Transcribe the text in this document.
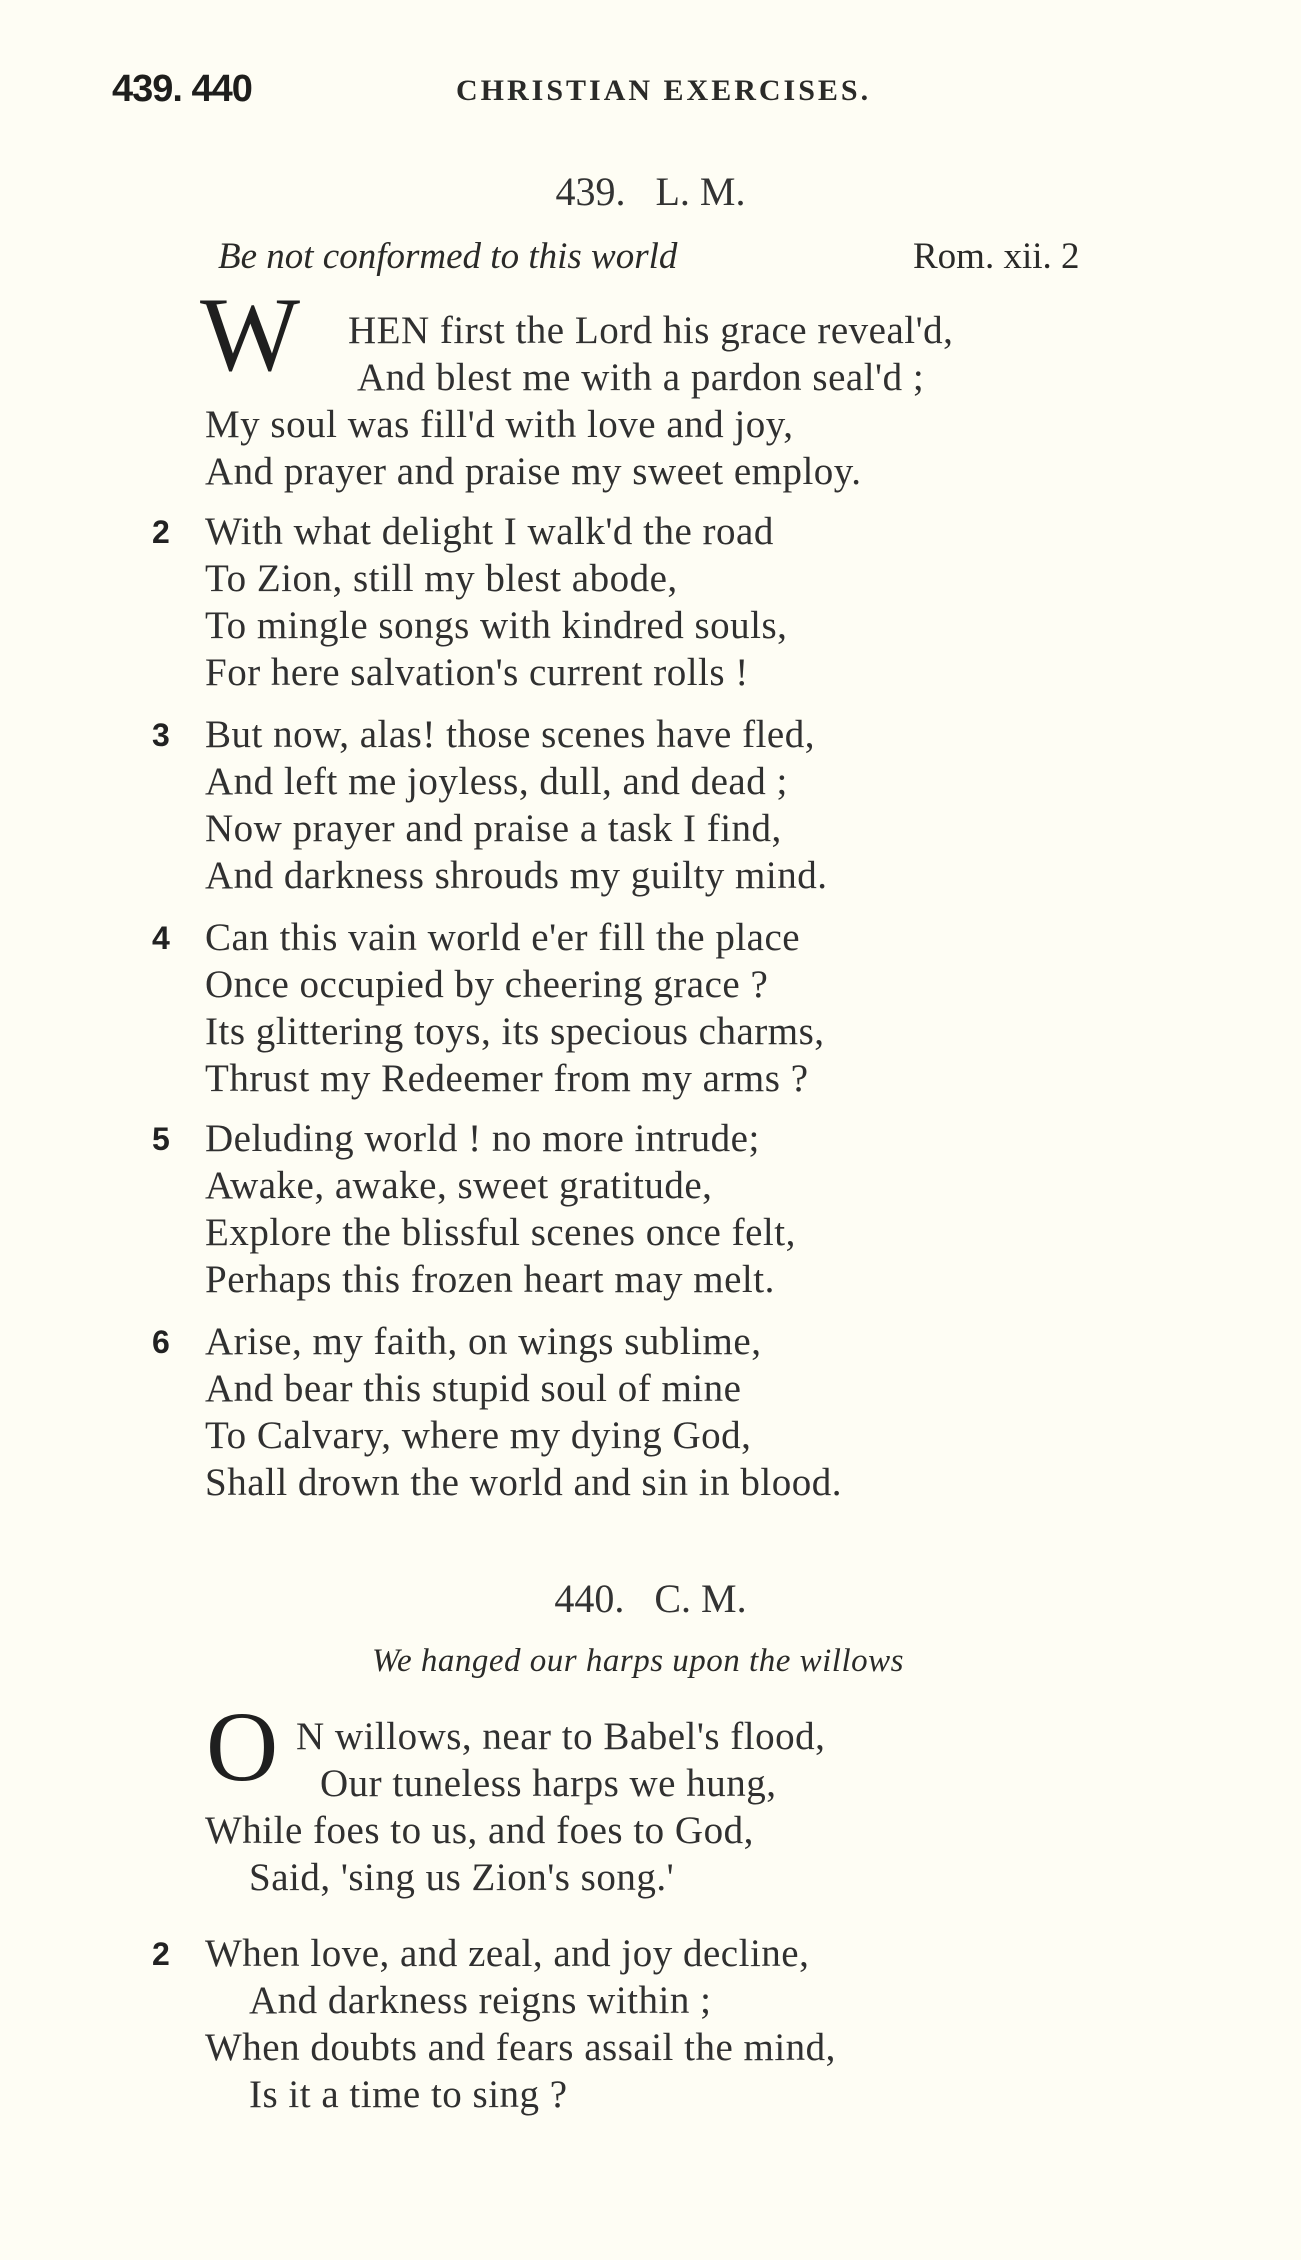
439. 440	CHRISTIAN EXERCISES.
439.   L. M.
Be not conformed to this world	Rom. xii. 2
W HEN first the Lord his grace reveal'd,
And blest me with a pardon seal'd ;
My soul was fill'd with love and joy,
And prayer and praise my sweet employ.
2 With what delight I walk'd the road
To Zion, still my blest abode,
To mingle songs with kindred souls,
For here salvation's current rolls !
3 But now, alas! those scenes have fled,
And left me joyless, dull, and dead ;
Now prayer and praise a task I find,
And darkness shrouds my guilty mind.
4 Can this vain world e'er fill the place
Once occupied by cheering grace ?
Its glittering toys, its specious charms,
Thrust my Redeemer from my arms ?
5 Deluding world ! no more intrude;
Awake, awake, sweet gratitude,
Explore the blissful scenes once felt,
Perhaps this frozen heart may melt.
6 Arise, my faith, on wings sublime,
And bear this stupid soul of mine
To Calvary, where my dying God,
Shall drown the world and sin in blood.
440.   C. M.
We hanged our harps upon the willows
O N willows, near to Babel's flood,
Our tuneless harps we hung,
While foes to us, and foes to God,
Said, 'sing us Zion's song.'
2 When love, and zeal, and joy decline,
And darkness reigns within ;
When doubts and fears assail the mind,
Is it a time to sing ?
